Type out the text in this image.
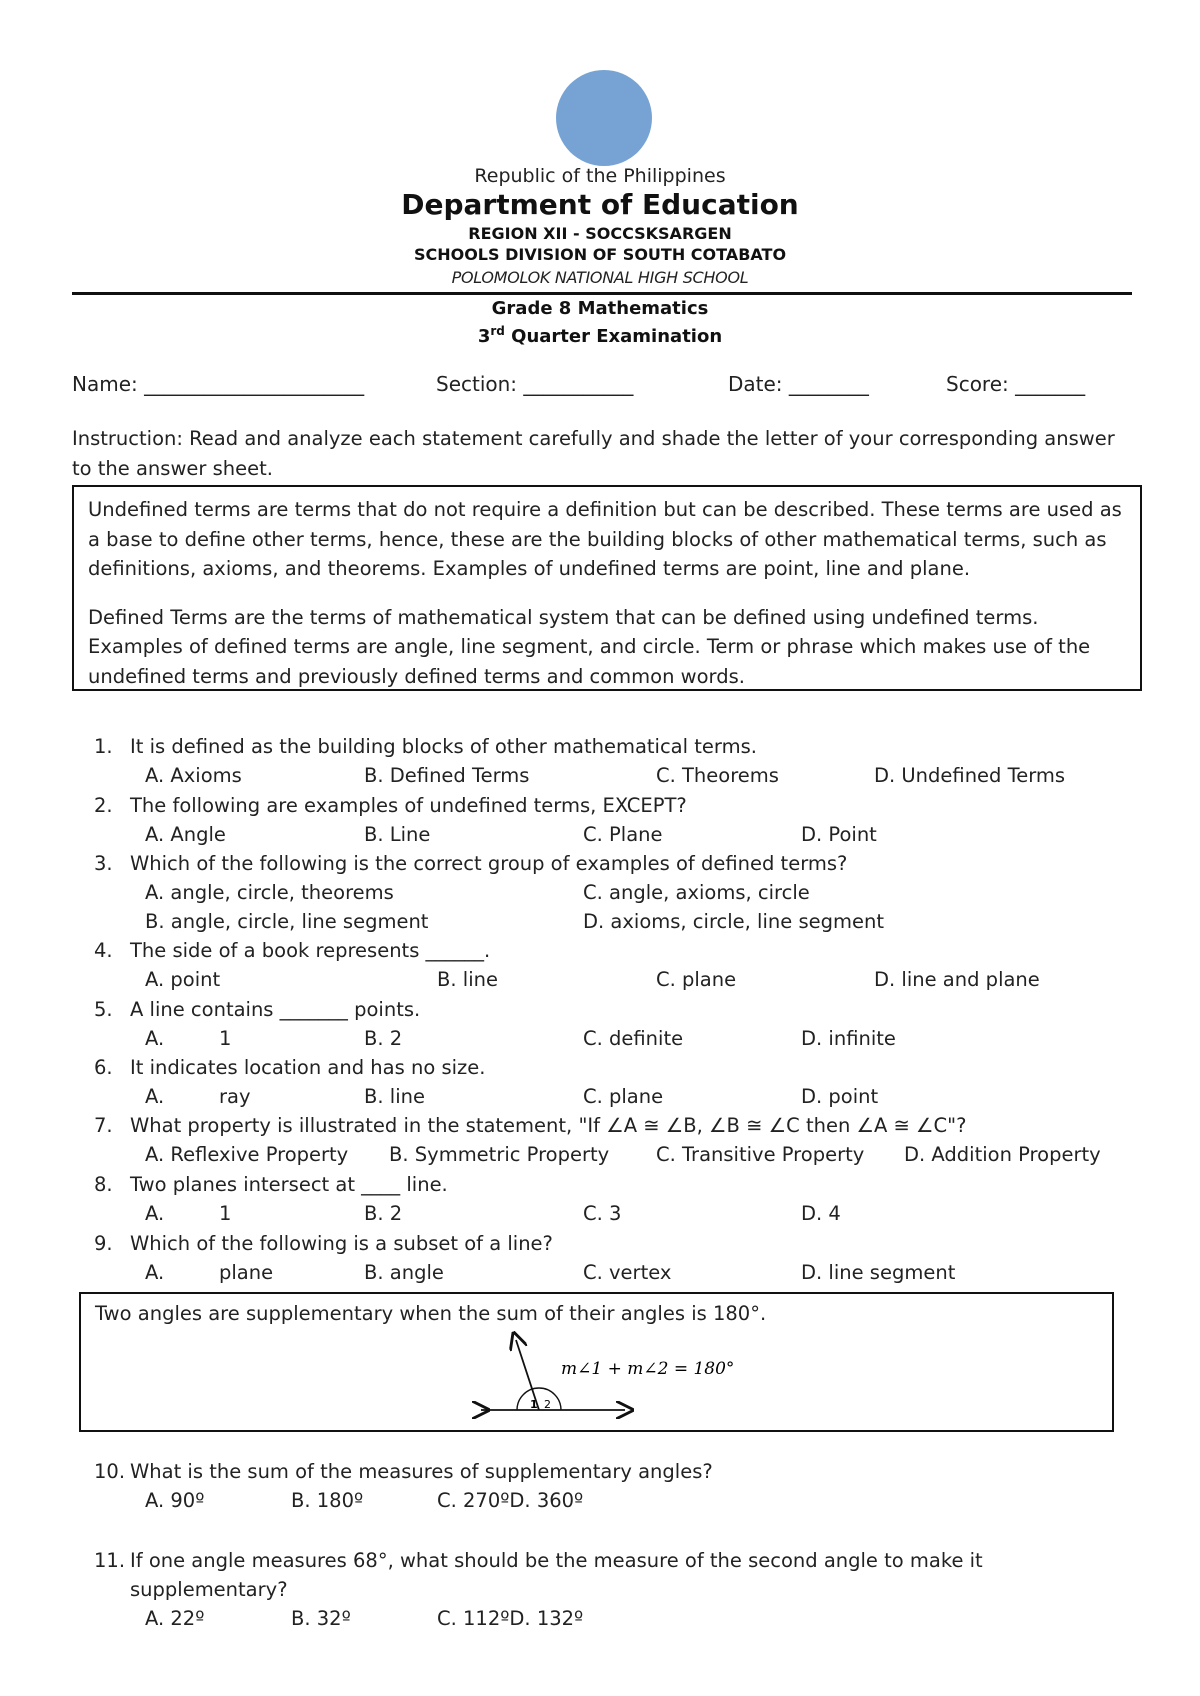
Republic of the Philippines
Department of Education
REGION XII - SOCCSKSARGEN
SCHOOLS DIVISION OF SOUTH COTABATO
POLOMOLOK NATIONAL HIGH SCHOOL
Grade 8 Mathematics
3rd Quarter Examination
Name: ______________________	Section: ___________	Date: ________	Score: _______
Instruction: Read and analyze each statement carefully and shade the letter of your corresponding answer to the answer sheet.

Undefined terms are terms that do not require a definition but can be described. These terms are used as a base to define other terms, hence, these are the building blocks of other mathematical terms, such as definitions, axioms, and theorems. Examples of undefined terms are point, line and plane.

Defined Terms are the terms of mathematical system that can be defined using undefined terms. Examples of defined terms are angle, line segment, and circle. Term or phrase which makes use of the undefined terms and previously defined terms and common words.

1. It is defined as the building blocks of other mathematical terms.
A. Axioms	B. Defined Terms	C. Theorems	D. Undefined Terms
2. The following are examples of undefined terms, EXCEPT?
A. Angle	B. Line	C. Plane	D. Point
3. Which of the following is the correct group of examples of defined terms?
A. angle, circle, theorems	C. angle, axioms, circle
B. angle, circle, line segment	D. axioms, circle, line segment
4. The side of a book represents ______.
A. point	B. line	C. plane	D. line and plane
5. A line contains _______ points.
A.	1	B. 2	C. definite	D. infinite
6. It indicates location and has no size.
A.	ray	B. line	C. plane	D. point
7. What property is illustrated in the statement, "If ∠A ≅ ∠B, ∠B ≅ ∠C then ∠A ≅ ∠C"?
A. Reflexive Property B. Symmetric Property C. Transitive Property D. Addition Property
8. Two planes intersect at ____ line.
A.	1	B. 2	C. 3	D. 4
9. Which of the following is a subset of a line?
A.	plane	B. angle	C. vertex	D. line segment
Two angles are supplementary when the sum of their angles is 180°.
1 2
m∠1 + m∠2 = 180°
10. What is the sum of the measures of supplementary angles?
A. 90º	B. 180º	C. 270ºD. 360º
11. If one angle measures 68°, what should be the measure of the second angle to make it
supplementary?
A. 22º	B. 32º	C. 112ºD. 132º
